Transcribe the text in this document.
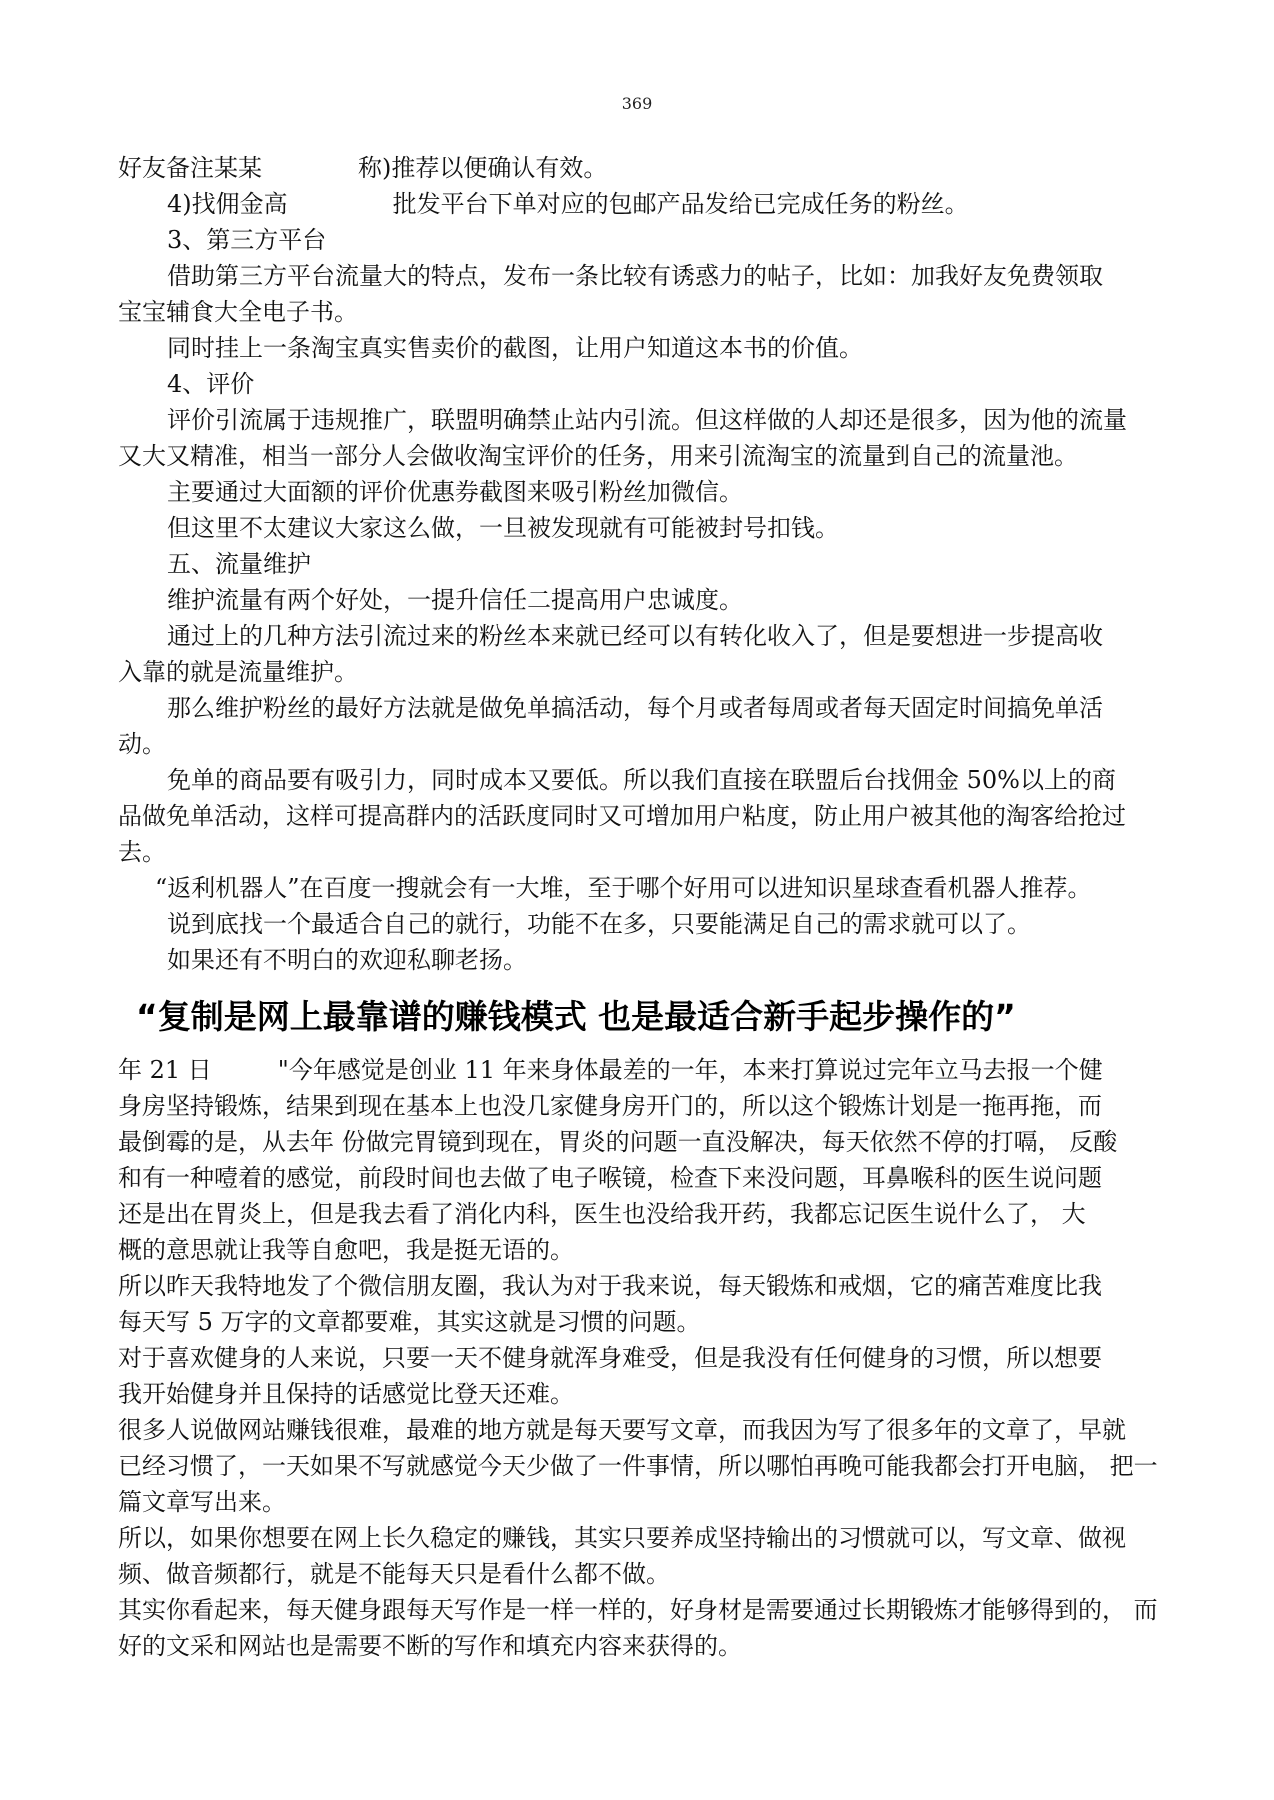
369
好友备注某某	称)推荐以便确认有效。
4)找佣金高	批发平台下单对应的包邮产品发给已完成任务的粉丝。
3、第三方平台
借助第三方平台流量大的特点，发布一条比较有诱惑力的帖子，比如：加我好友免费领取
宝宝辅食大全电子书。
同时挂上一条淘宝真实售卖价的截图，让用户知道这本书的价值。
4、评价
评价引流属于违规推广，联盟明确禁止站内引流。但这样做的人却还是很多，因为他的流量
又大又精准，相当一部分人会做收淘宝评价的任务，用来引流淘宝的流量到自己的流量池。
主要通过大面额的评价优惠券截图来吸引粉丝加微信。
但这里不太建议大家这么做，一旦被发现就有可能被封号扣钱。
五、流量维护
维护流量有两个好处，一提升信任二提高用户忠诚度。
通过上的几种方法引流过来的粉丝本来就已经可以有转化收入了，但是要想进一步提高收
入靠的就是流量维护。
那么维护粉丝的最好方法就是做免单搞活动，每个月或者每周或者每天固定时间搞免单活
动。
免单的商品要有吸引力，同时成本又要低。所以我们直接在联盟后台找佣金 50%以上的商
品做免单活动，这样可提高群内的活跃度同时又可增加用户粘度，防止用户被其他的淘客给抢过
去。
“返利机器人”在百度一搜就会有一大堆，至于哪个好用可以进知识星球查看机器人推荐。
说到底找一个最适合自己的就行，功能不在多，只要能满足自己的需求就可以了。
如果还有不明白的欢迎私聊老扬。
“复制是网上最靠谱的赚钱模式 也是最适合新手起步操作的”
年 21 日	"今年感觉是创业 11 年来身体最差的一年，本来打算说过完年立马去报一个健
身房坚持锻炼，结果到现在基本上也没几家健身房开门的，所以这个锻炼计划是一拖再拖，而
最倒霉的是，从去年 份做完胃镜到现在，胃炎的问题一直没解决，每天依然不停的打嗝， 反酸
和有一种噎着的感觉，前段时间也去做了电子喉镜，检查下来没问题，耳鼻喉科的医生说问题
还是出在胃炎上，但是我去看了消化内科，医生也没给我开药，我都忘记医生说什么了， 大
概的意思就让我等自愈吧，我是挺无语的。
所以昨天我特地发了个微信朋友圈，我认为对于我来说，每天锻炼和戒烟，它的痛苦难度比我
每天写 5 万字的文章都要难，其实这就是习惯的问题。
对于喜欢健身的人来说，只要一天不健身就浑身难受，但是我没有任何健身的习惯，所以想要
我开始健身并且保持的话感觉比登天还难。
很多人说做网站赚钱很难，最难的地方就是每天要写文章，而我因为写了很多年的文章了，早就
已经习惯了，一天如果不写就感觉今天少做了一件事情，所以哪怕再晚可能我都会打开电脑， 把一
篇文章写出来。
所以，如果你想要在网上长久稳定的赚钱，其实只要养成坚持输出的习惯就可以，写文章、做视
频、做音频都行，就是不能每天只是看什么都不做。
其实你看起来，每天健身跟每天写作是一样一样的，好身材是需要通过长期锻炼才能够得到的， 而
好的文采和网站也是需要不断的写作和填充内容来获得的。
